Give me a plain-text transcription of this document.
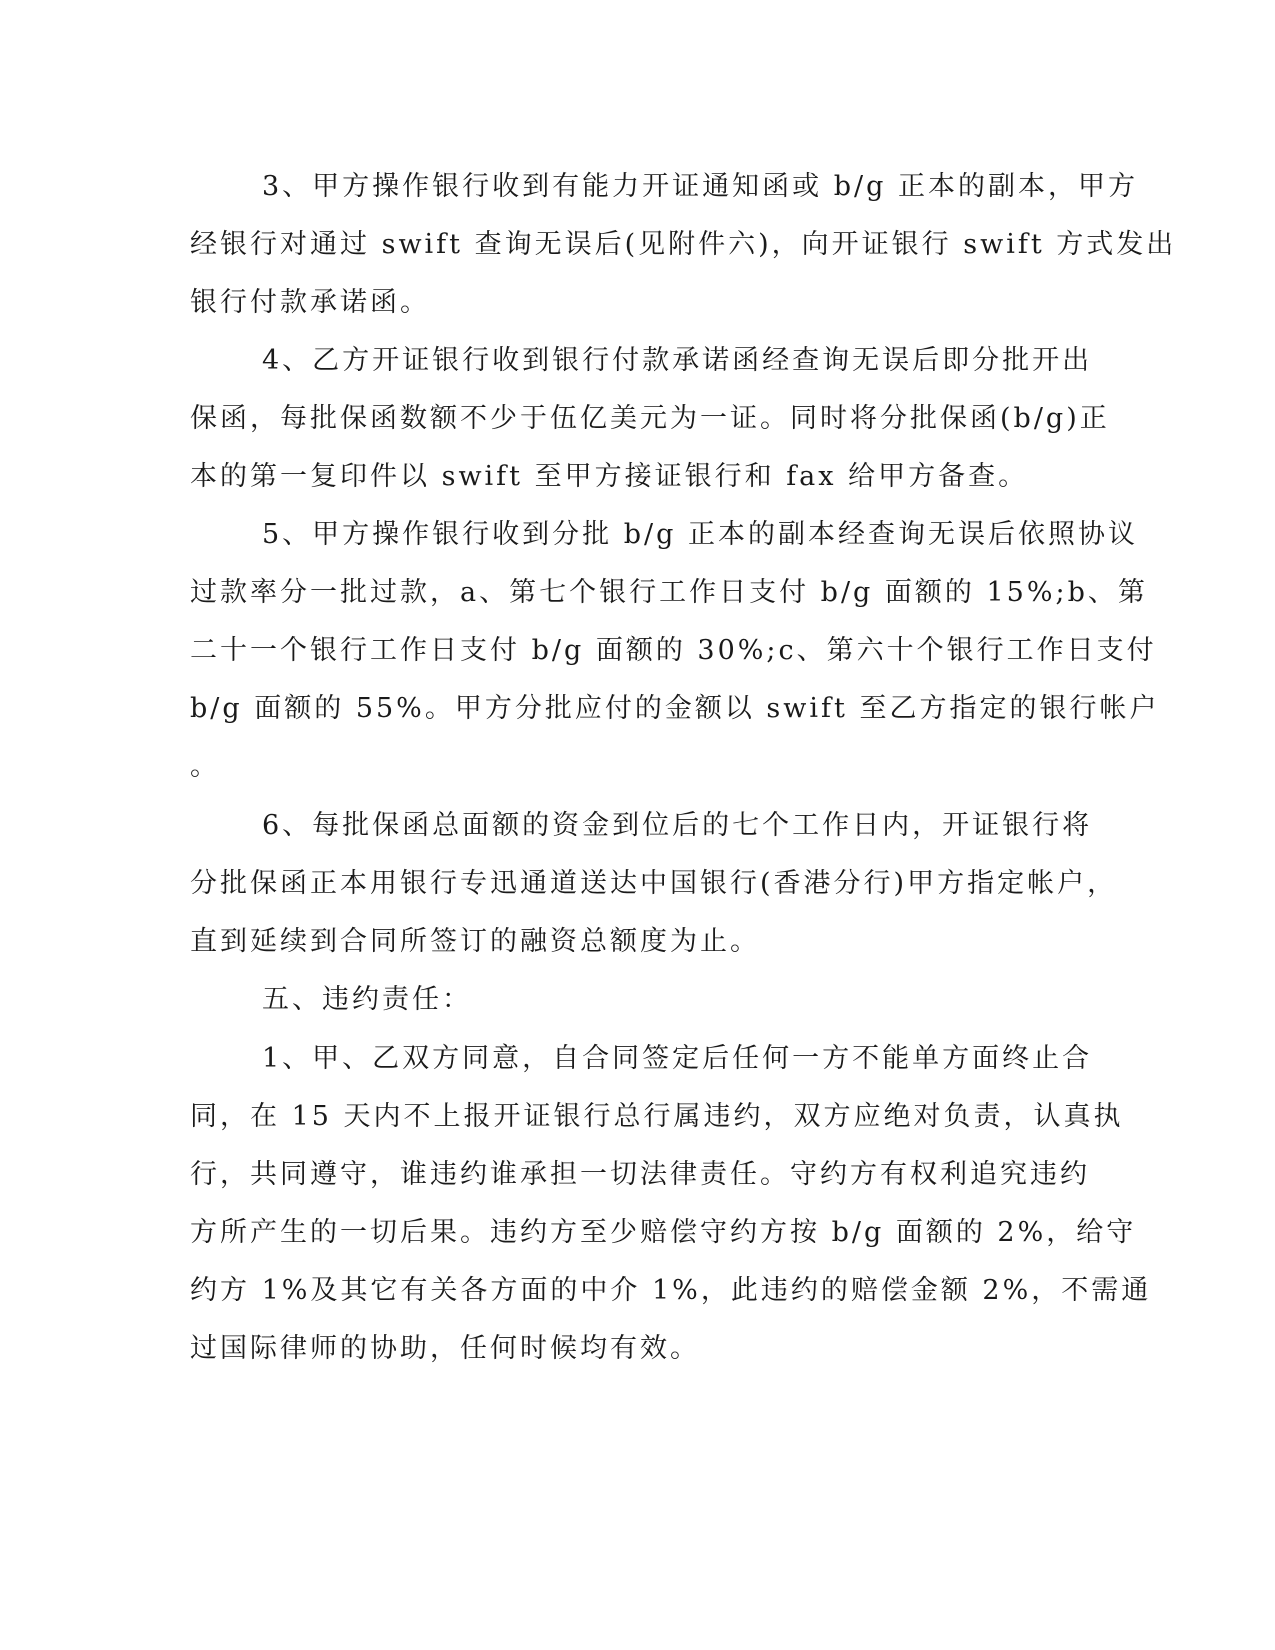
3、甲方操作银行收到有能力开证通知函或 b/g 正本的副本，甲方
经银行对通过 swift 查询无误后(见附件六)，向开证银行 swift 方式发出
银行付款承诺函。
4、乙方开证银行收到银行付款承诺函经查询无误后即分批开出
保函，每批保函数额不少于伍亿美元为一证。同时将分批保函(b/g)正
本的第一复印件以 swift 至甲方接证银行和 fax 给甲方备查。
5、甲方操作银行收到分批 b/g 正本的副本经查询无误后依照协议
过款率分一批过款，a、第七个银行工作日支付 b/g 面额的 15%;b、第
二十一个银行工作日支付 b/g 面额的 30%;c、第六十个银行工作日支付
b/g 面额的 55%。甲方分批应付的金额以 swift 至乙方指定的银行帐户
。
6、每批保函总面额的资金到位后的七个工作日内，开证银行将
分批保函正本用银行专迅通道送达中国银行(香港分行)甲方指定帐户，
直到延续到合同所签订的融资总额度为止。
五、违约责任：
1、甲、乙双方同意，自合同签定后任何一方不能单方面终止合
同，在 15 天内不上报开证银行总行属违约，双方应绝对负责，认真执
行，共同遵守，谁违约谁承担一切法律责任。守约方有权利追究违约
方所产生的一切后果。违约方至少赔偿守约方按 b/g 面额的 2%，给守
约方 1%及其它有关各方面的中介 1%，此违约的赔偿金额 2%，不需通
过国际律师的协助，任何时候均有效。
